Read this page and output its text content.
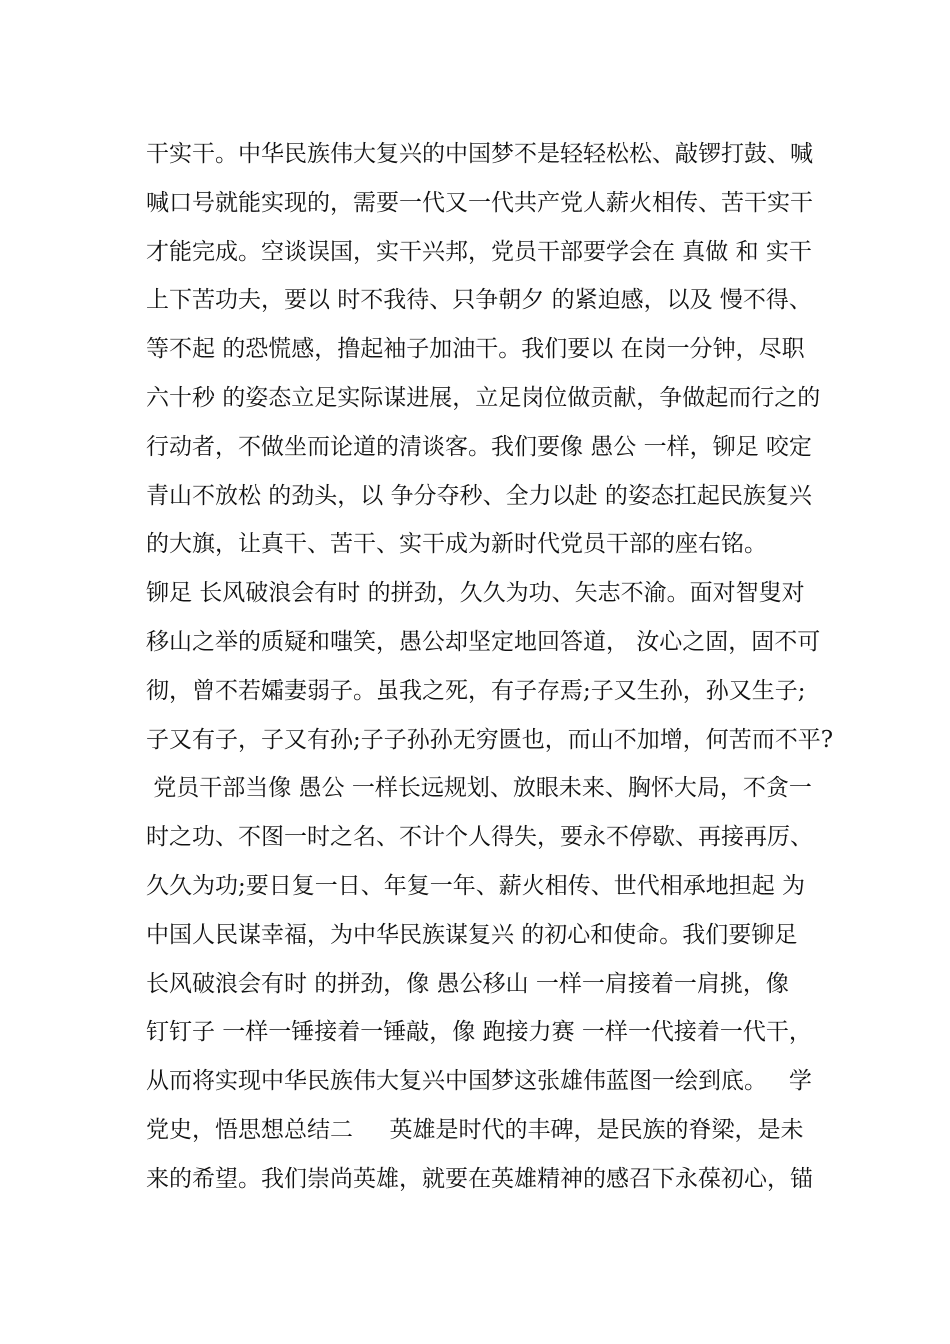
干实干。中华民族伟大复兴的中国梦不是轻轻松松、敲锣打鼓、喊
喊口号就能实现的，需要一代又一代共产党人薪火相传、苦干实干
才能完成。空谈误国，实干兴邦，党员干部要学会在 真做 和 实干
上下苦功夫，要以 时不我待、只争朝夕 的紧迫感，以及 慢不得、
等不起 的恐慌感，撸起袖子加油干。我们要以 在岗一分钟，尽职
六十秒 的姿态立足实际谋进展，立足岗位做贡献，争做起而行之的
行动者，不做坐而论道的清谈客。我们要像 愚公 一样，铆足 咬定
青山不放松 的劲头，以 争分夺秒、全力以赴 的姿态扛起民族复兴
的大旗，让真干、苦干、实干成为新时代党员干部的座右铭。
铆足 长风破浪会有时 的拼劲，久久为功、矢志不渝。面对智叟对
移山之举的质疑和嗤笑，愚公却坚定地回答道， 汝心之固，固不可
彻，曾不若孀妻弱子。虽我之死，有子存焉;子又生孙，孙又生子;
子又有子，子又有孙;子子孙孙无穷匮也，而山不加增，何苦而不平?
党员干部当像 愚公 一样长远规划、放眼未来、胸怀大局，不贪一
时之功、不图一时之名、不计个人得失，要永不停歇、再接再厉、
久久为功;要日复一日、年复一年、薪火相传、世代相承地担起 为
中国人民谋幸福，为中华民族谋复兴 的初心和使命。我们要铆足
长风破浪会有时 的拼劲，像 愚公移山 一样一肩接着一肩挑，像
钉钉子 一样一锤接着一锤敲，像 跑接力赛 一样一代接着一代干，
从而将实现中华民族伟大复兴中国梦这张雄伟蓝图一绘到底。   学
党史，悟思想总结二     英雄是时代的丰碑，是民族的脊梁，是未
来的希望。我们崇尚英雄，就要在英雄精神的感召下永葆初心，锚
